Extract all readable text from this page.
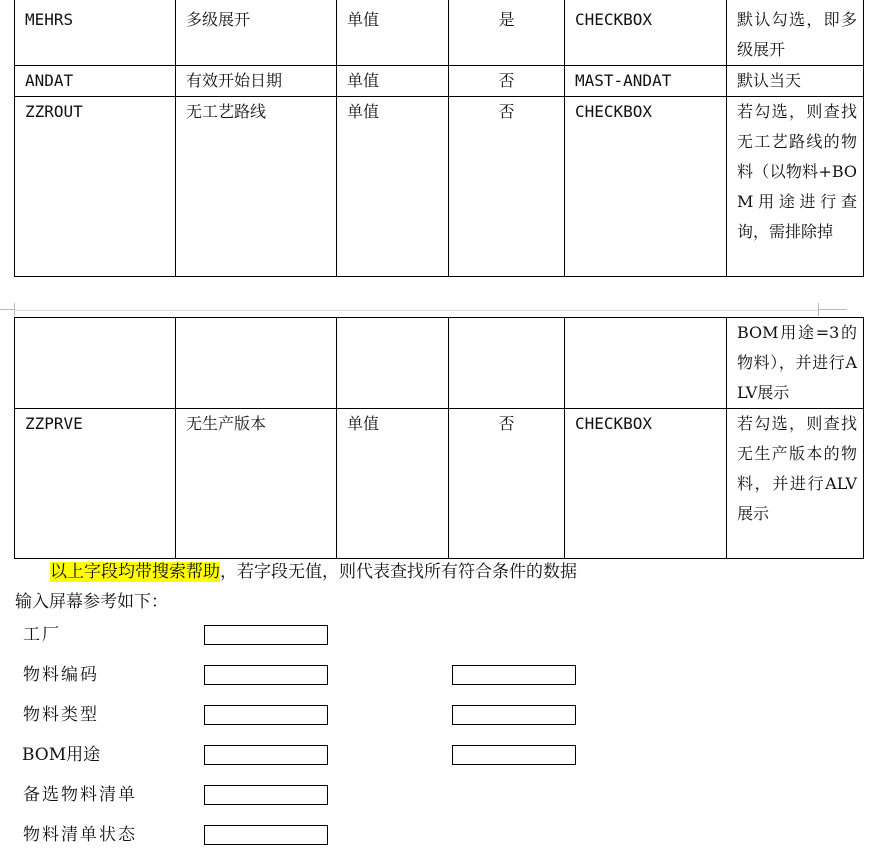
MEHRS	多级展开	单值	是	CHECKBOX	默认勾选，即多级展开
ANDAT	有效开始日期	单值	否	MAST-ANDAT	默认当天
ZZROUT	无工艺路线	单值	否	CHECKBOX	若勾选，则查找无工艺路线的物料（以物料+BOM用途进行查询，需排除掉
					BOM用途=3的物料），并进行ALV展示
ZZPRVE	无生产版本	单值	否	CHECKBOX	若勾选，则查找无生产版本的物料，并进行ALV展示
以上字段均带搜索帮助，若字段无值，则代表查找所有符合条件的数据
输入屏幕参考如下：
工厂
物料编码
物料类型
BOM用途
备选物料清单
物料清单状态
